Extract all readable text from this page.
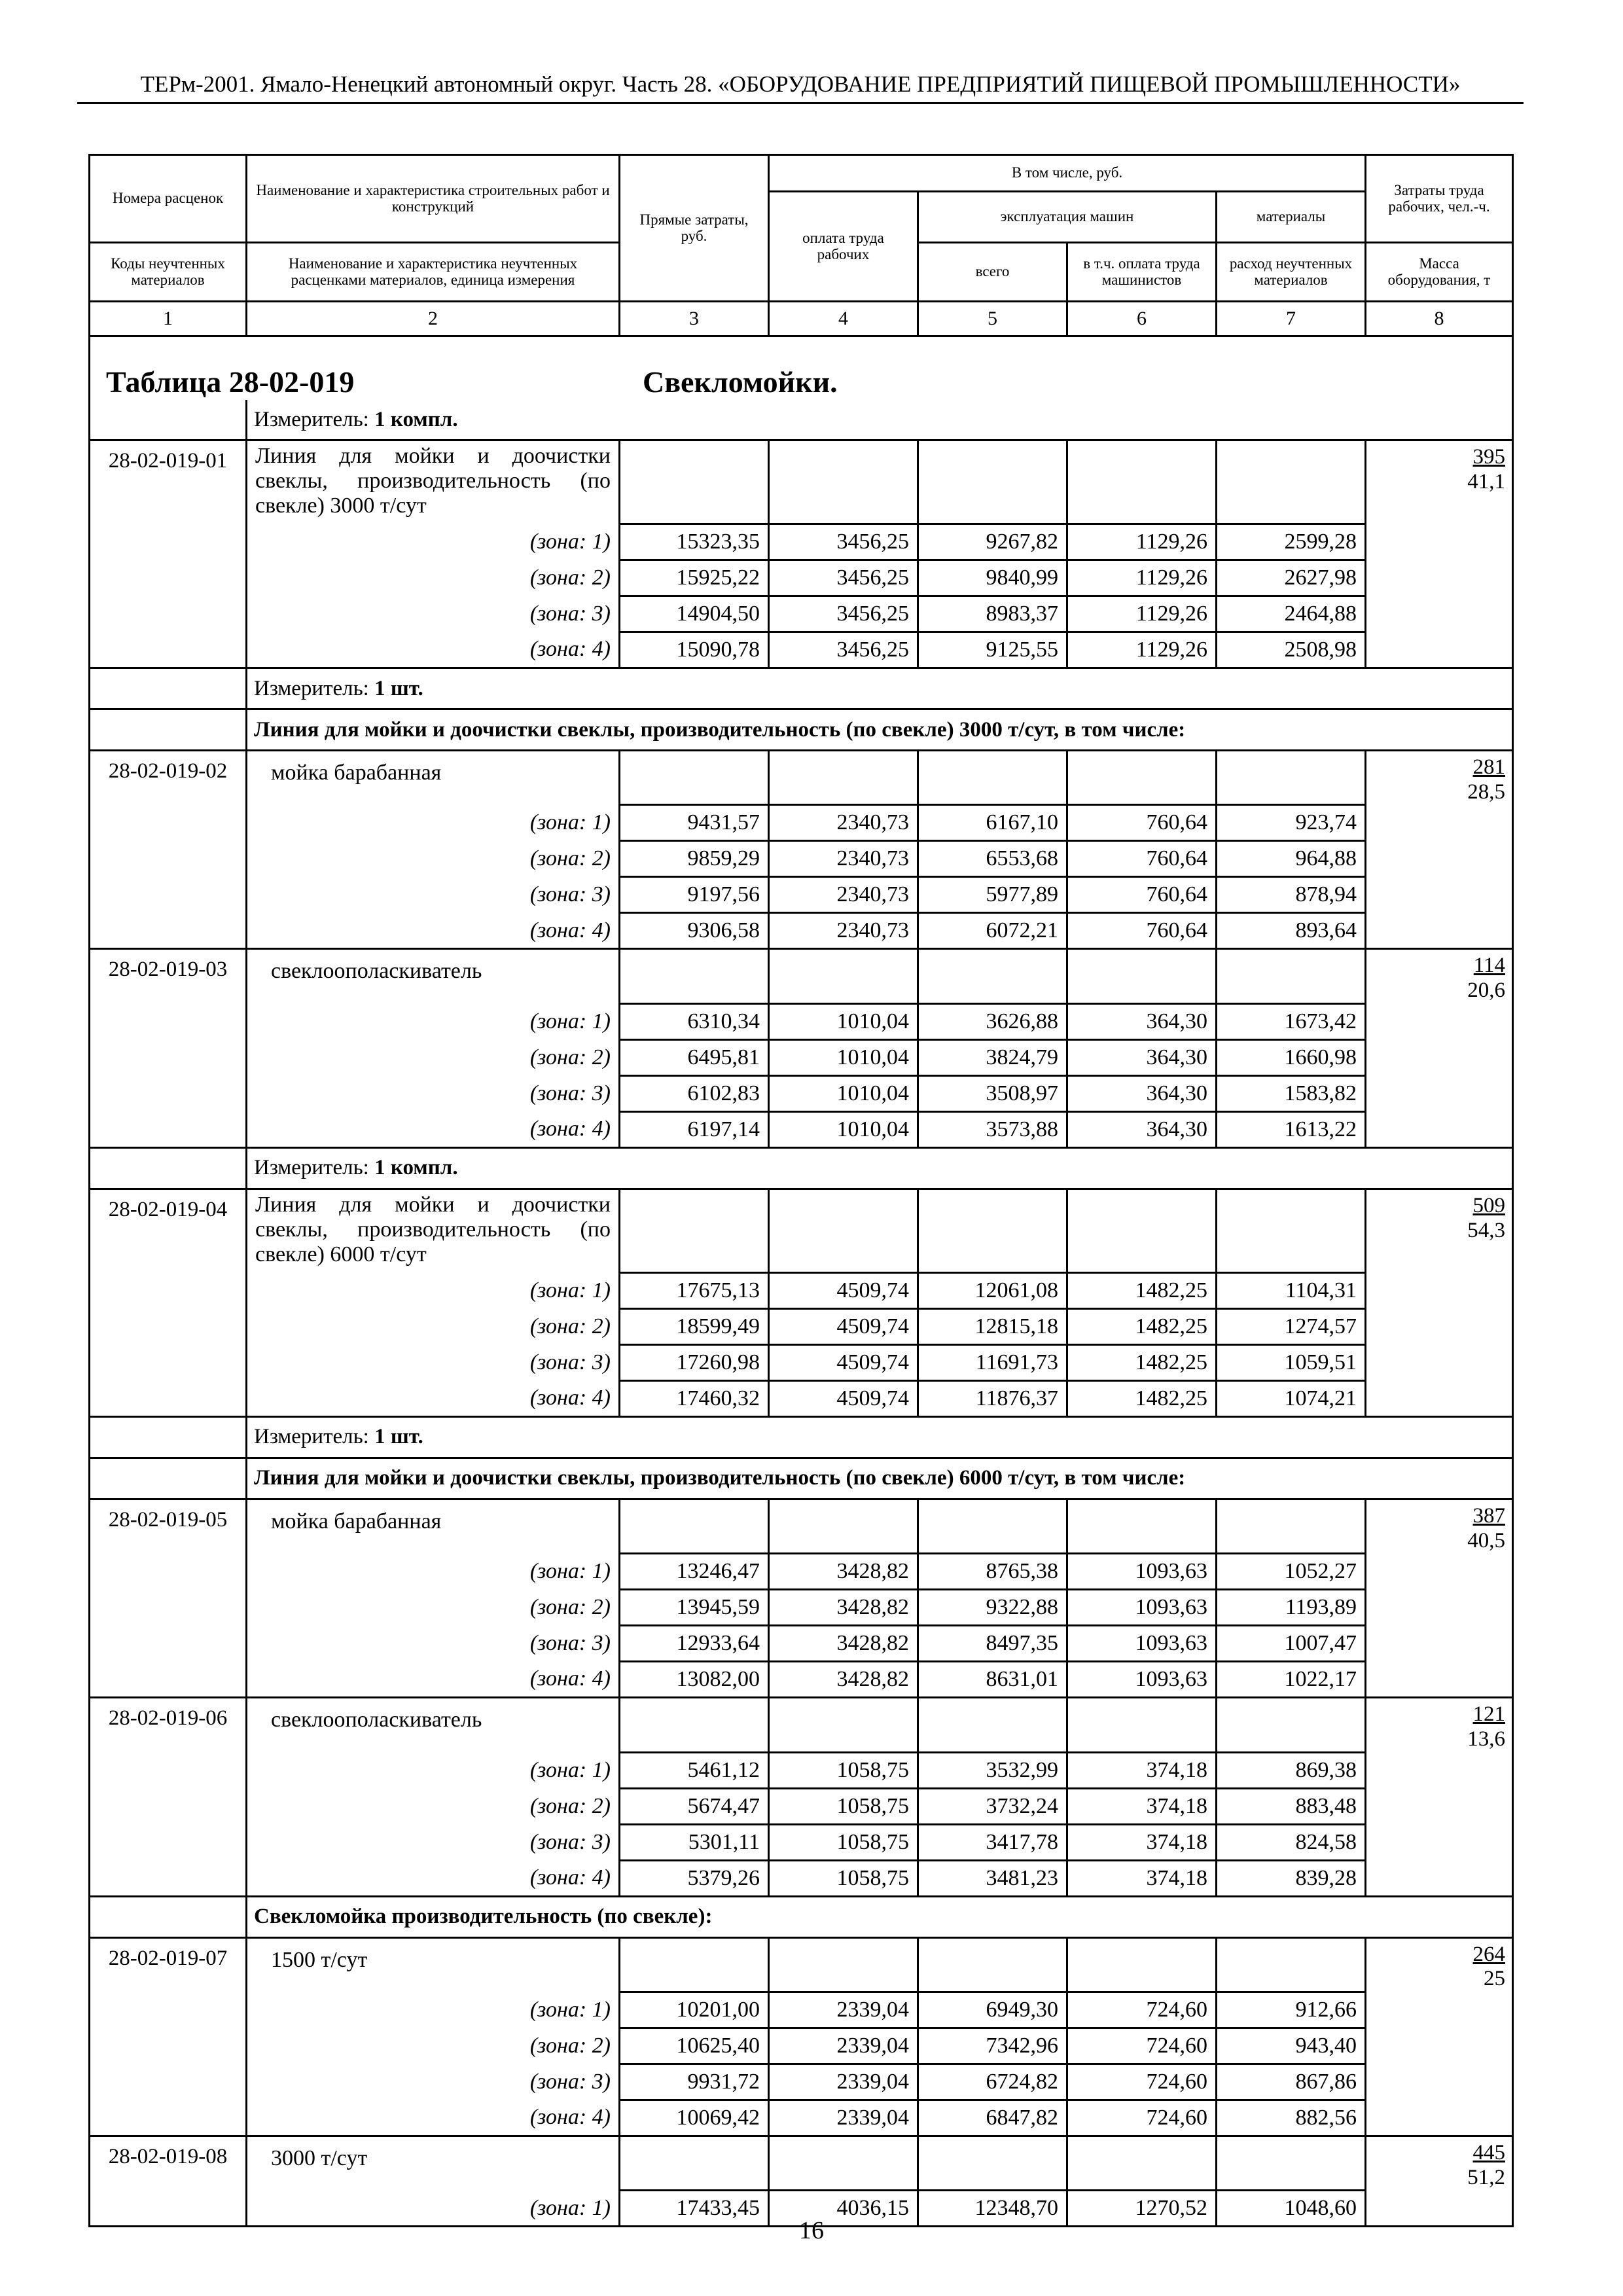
ТЕРм-2001. Ямало-Ненецкий автономный округ. Часть 28. «ОБОРУДОВАНИЕ ПРЕДПРИЯТИЙ ПИЩЕВОЙ ПРОМЫШЛЕННОСТИ»
Номера расценок	Наименование и характеристика строительных работ и конструкций	Прямые затраты, руб.	В том числе, руб.				Затраты труда рабочих, чел.-ч.
			оплата труда рабочих	эксплуатация машин		материалы	
Коды неучтенных материалов	Наименование и характеристика неучтенных расценками материалов, единица измерения			всего	в т.ч. оплата труда машинистов	расход неучтенных материалов	Масса оборудования, т
1	2	3	4	5	6	7	8

Таблица 28-02-019 Свекломойки.							

	Измеритель: 1 компл.						
28-02-019-01	Линия для мойки и доочистки свеклы, производительность (по свекле) 3000 т/сут						395
41,1

	(зона: 1)	15323,35	3456,25	9267,82	1129,26	2599,28	
	(зона: 2)	15925,22	3456,25	9840,99	1129,26	2627,98	
	(зона: 3)	14904,50	3456,25	8983,37	1129,26	2464,88	
	(зона: 4)	15090,78	3456,25	9125,55	1129,26	2508,98	
	Измеритель: 1 шт.						
	Линия для мойки и доочистки свеклы, производительность (по свекле) 3000 т/сут, в том числе:						
28-02-019-02	мойка барабанная						281
28,5

	(зона: 1)	9431,57	2340,73	6167,10	760,64	923,74	
	(зона: 2)	9859,29	2340,73	6553,68	760,64	964,88	
	(зона: 3)	9197,56	2340,73	5977,89	760,64	878,94	
	(зона: 4)	9306,58	2340,73	6072,21	760,64	893,64	
28-02-019-03	свеклоополаскиватель						114
20,6

	(зона: 1)	6310,34	1010,04	3626,88	364,30	1673,42	
	(зона: 2)	6495,81	1010,04	3824,79	364,30	1660,98	
	(зона: 3)	6102,83	1010,04	3508,97	364,30	1583,82	
	(зона: 4)	6197,14	1010,04	3573,88	364,30	1613,22	
	Измеритель: 1 компл.						
28-02-019-04	Линия для мойки и доочистки свеклы, производительность (по свекле) 6000 т/сут						509
54,3

	(зона: 1)	17675,13	4509,74	12061,08	1482,25	1104,31	
	(зона: 2)	18599,49	4509,74	12815,18	1482,25	1274,57	
	(зона: 3)	17260,98	4509,74	11691,73	1482,25	1059,51	
	(зона: 4)	17460,32	4509,74	11876,37	1482,25	1074,21	
	Измеритель: 1 шт.						
	Линия для мойки и доочистки свеклы, производительность (по свекле) 6000 т/сут, в том числе:						
28-02-019-05	мойка барабанная						387
40,5

	(зона: 1)	13246,47	3428,82	8765,38	1093,63	1052,27	
	(зона: 2)	13945,59	3428,82	9322,88	1093,63	1193,89	
	(зона: 3)	12933,64	3428,82	8497,35	1093,63	1007,47	
	(зона: 4)	13082,00	3428,82	8631,01	1093,63	1022,17	
28-02-019-06	свеклоополаскиватель						121
13,6

	(зона: 1)	5461,12	1058,75	3532,99	374,18	869,38	
	(зона: 2)	5674,47	1058,75	3732,24	374,18	883,48	
	(зона: 3)	5301,11	1058,75	3417,78	374,18	824,58	
	(зона: 4)	5379,26	1058,75	3481,23	374,18	839,28	
	Свекломойка производительность (по свекле):						
28-02-019-07	1500 т/сут						264
25

	(зона: 1)	10201,00	2339,04	6949,30	724,60	912,66	
	(зона: 2)	10625,40	2339,04	7342,96	724,60	943,40	
	(зона: 3)	9931,72	2339,04	6724,82	724,60	867,86	
	(зона: 4)	10069,42	2339,04	6847,82	724,60	882,56	
28-02-019-08	3000 т/сут						445
51,2

	(зона: 1)	17433,45	4036,15	12348,70	1270,52	1048,60	
16
